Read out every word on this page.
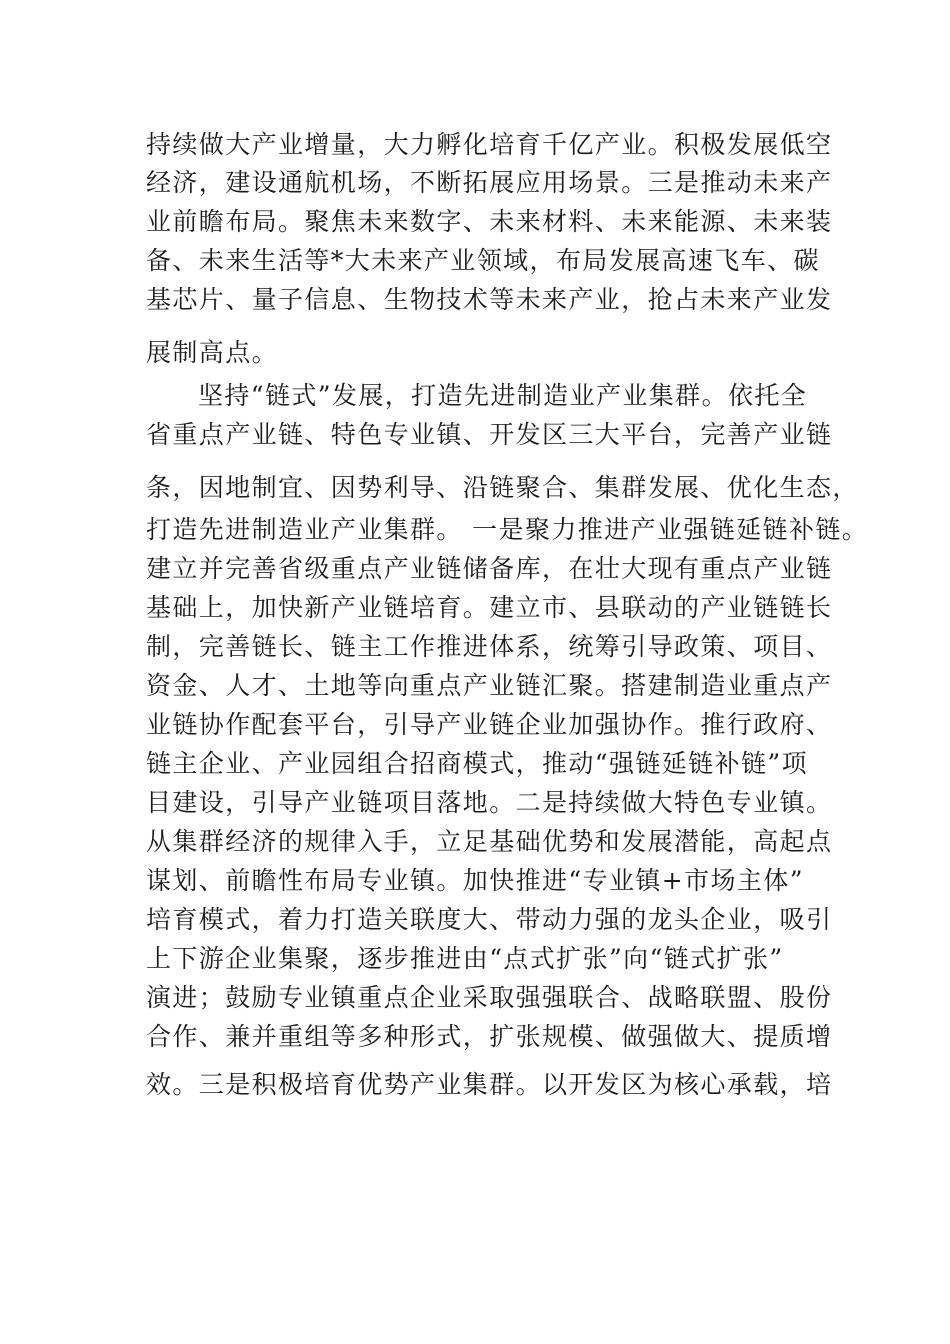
持续做大产业增量，大力孵化培育千亿产业。积极发展低空
经济，建设通航机场，不断拓展应用场景。三是推动未来产
业前瞻布局。聚焦未来数字、未来材料、未来能源、未来装
备、未来生活等*大未来产业领域，布局发展高速飞车、碳
基芯片、量子信息、生物技术等未来产业，抢占未来产业发
展制高点。
坚持“链式”发展，打造先进制造业产业集群。依托全
省重点产业链、特色专业镇、开发区三大平台，完善产业链
条，因地制宜、因势利导、沿链聚合、集群发展、优化生态，
打造先进制造业产业集群。 一是聚力推进产业强链延链补链。
建立并完善省级重点产业链储备库，在壮大现有重点产业链
基础上，加快新产业链培育。建立市、县联动的产业链链长
制，完善链长、链主工作推进体系，统筹引导政策、项目、
资金、人才、土地等向重点产业链汇聚。搭建制造业重点产
业链协作配套平台，引导产业链企业加强协作。推行政府、
链主企业、产业园组合招商模式，推动“强链延链补链”项
目建设，引导产业链项目落地。二是持续做大特色专业镇。
从集群经济的规律入手，立足基础优势和发展潜能，高起点
谋划、前瞻性布局专业镇。加快推进“专业镇+市场主体”
培育模式，着力打造关联度大、带动力强的龙头企业，吸引
上下游企业集聚，逐步推进由“点式扩张”向“链式扩张”
演进；鼓励专业镇重点企业采取强强联合、战略联盟、股份
合作、兼并重组等多种形式，扩张规模、做强做大、提质增
效。三是积极培育优势产业集群。以开发区为核心承载，培
